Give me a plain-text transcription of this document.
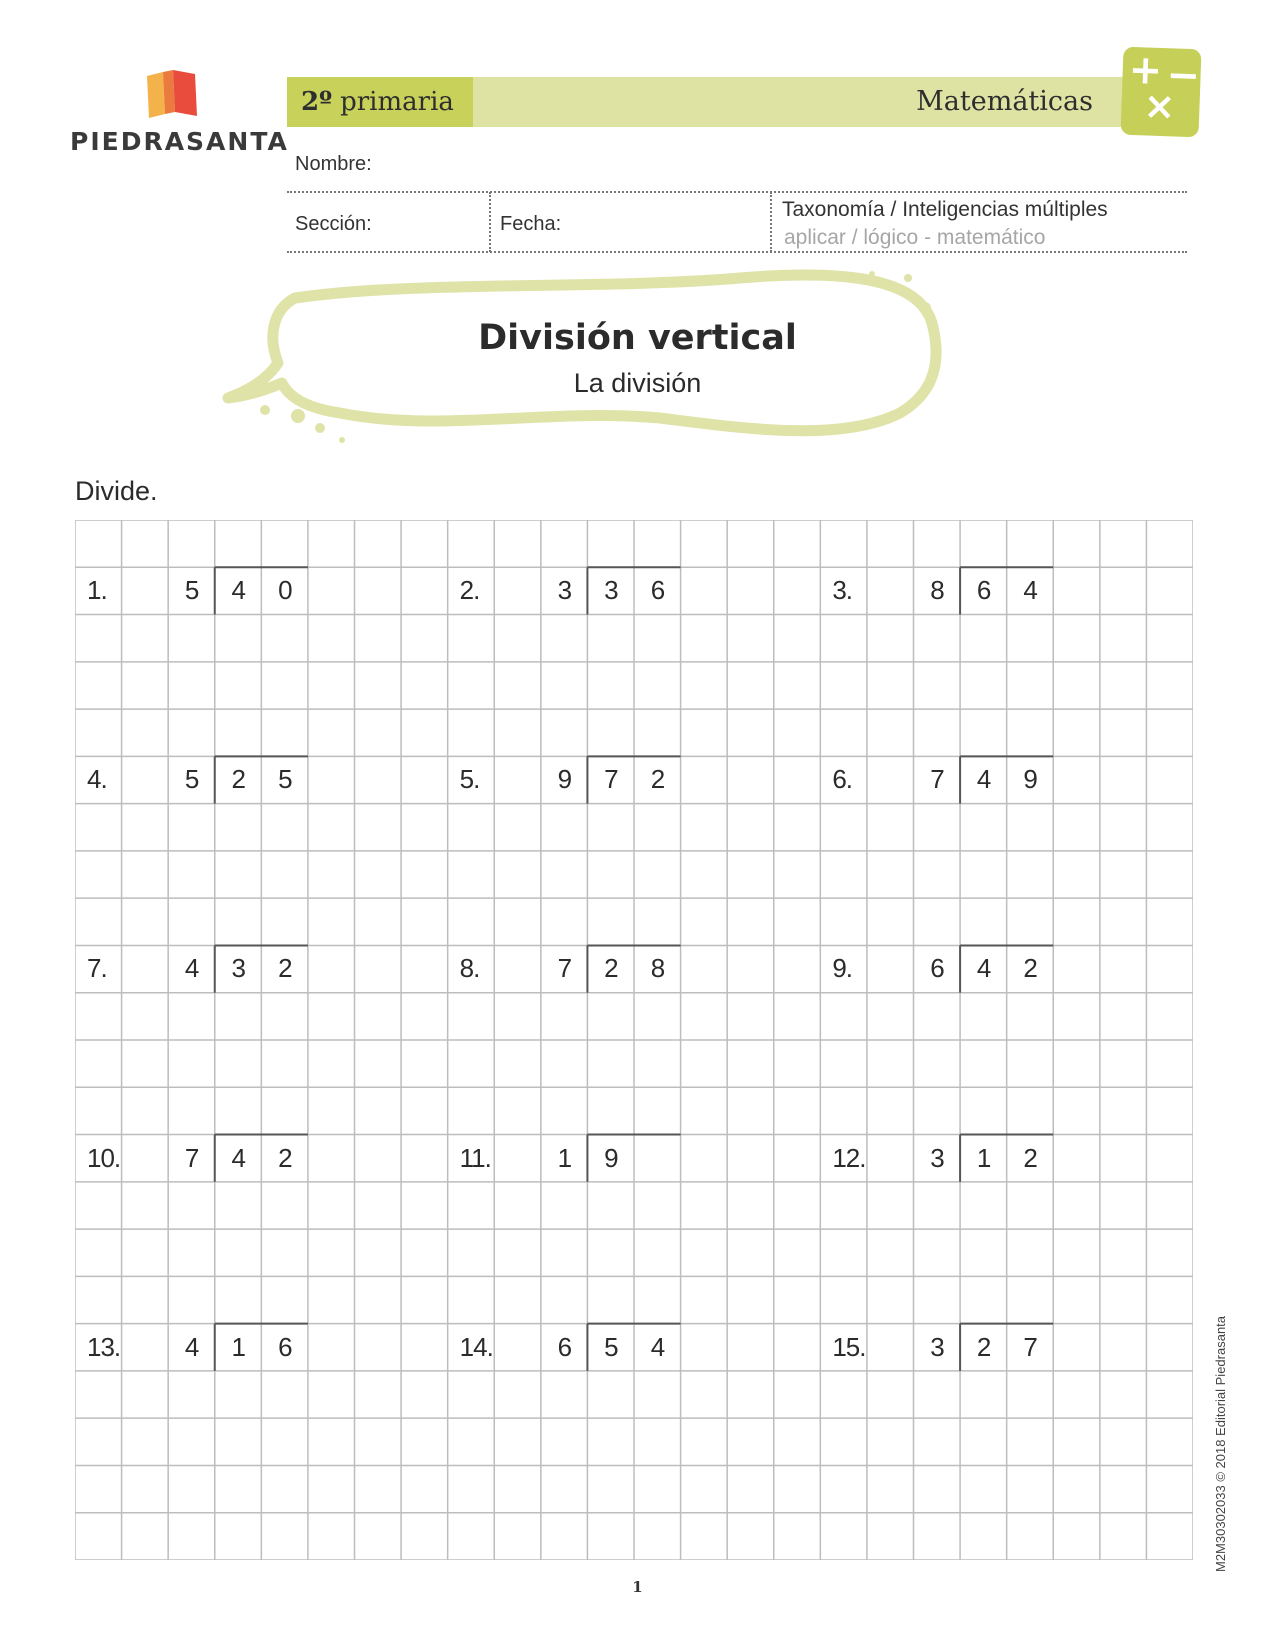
PIEDRASANTA
2º primaria	Matemáticas
+ −
×
Nombre:
Sección:	Fecha:
Taxonomía / Inteligencias múltiples
aplicar / lógico - matemático
División vertical
La división
Divide.
1.	5	4	0	2.	3	3	6	3.	8	6	4
4.	5	2	5	5.	9	7	2	6.	7	4	9
7.	4	3	2	8.	7	2	8	9.	6	4	2
10.	7	4	2	11.	1	9	12.	3	1	2
13.	4	1	6	14.	6	5	4	15.	3	2	7
1
M2M3030​2033 © 2018 Editorial Piedrasanta
